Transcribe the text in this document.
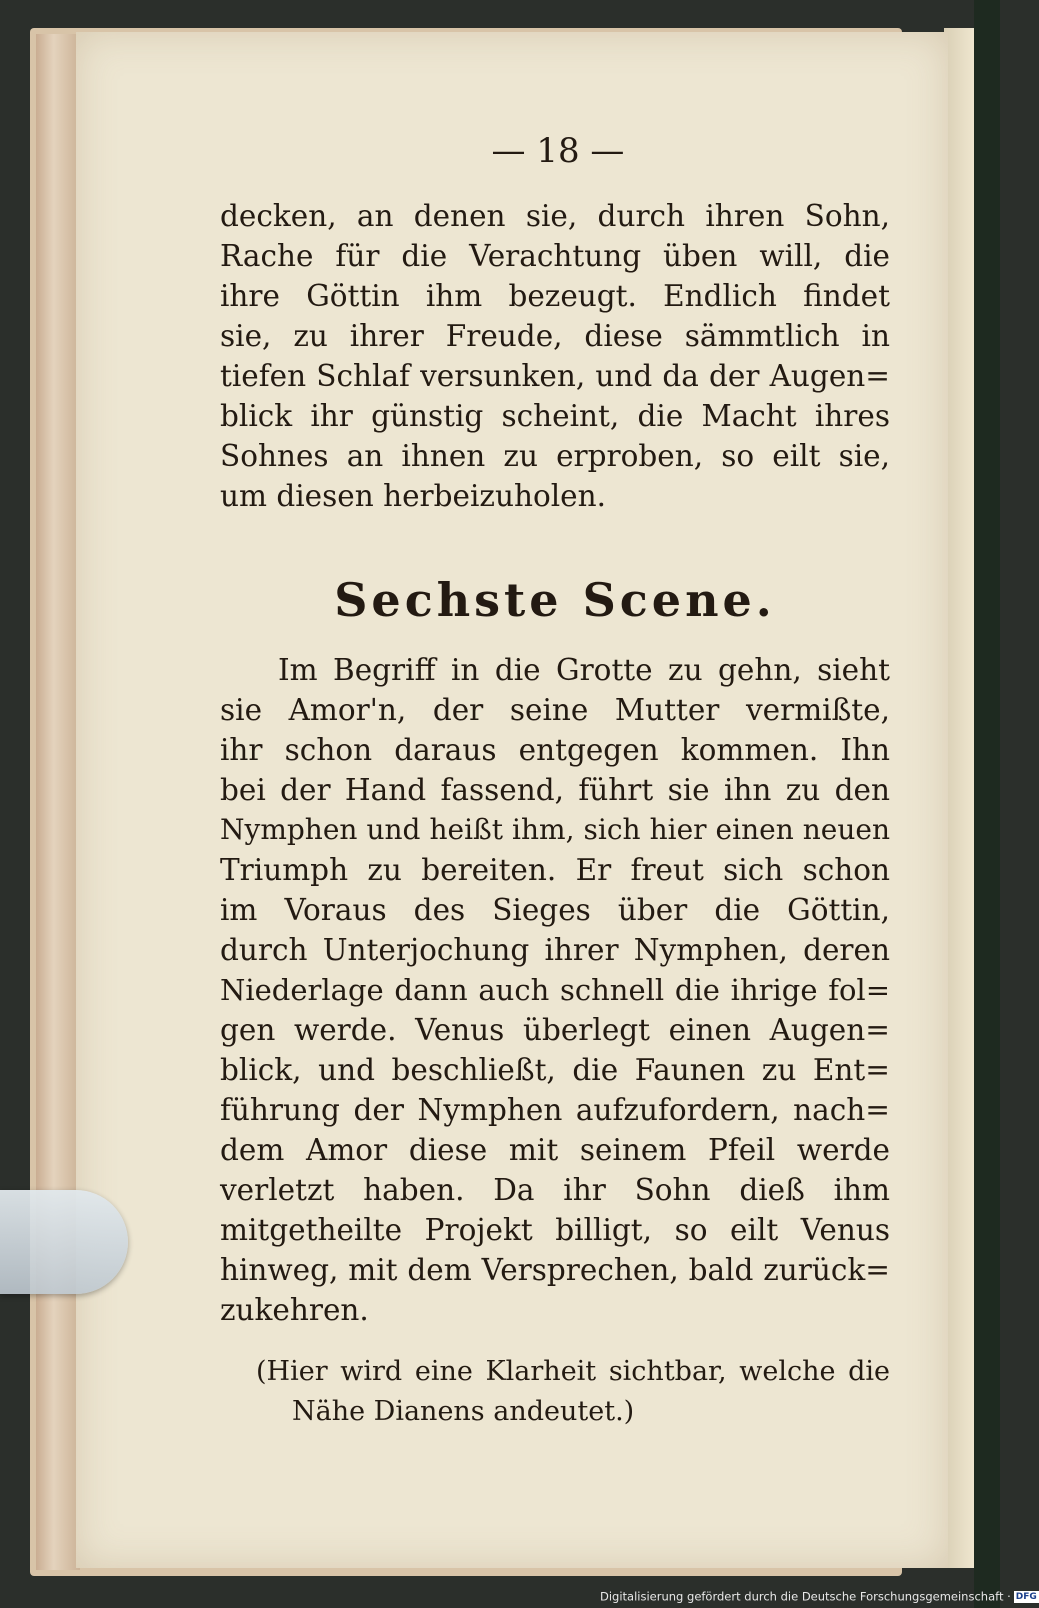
— 18 —
decken, an denen sie, durch ihren Sohn,
Rache für die Verachtung üben will, die
ihre Göttin ihm bezeugt. Endlich findet
sie, zu ihrer Freude, diese sämmtlich in
tiefen Schlaf versunken, und da der Augen=
blick ihr günstig scheint, die Macht ihres
Sohnes an ihnen zu erproben, so eilt sie,
um diesen herbeizuholen.
Sechste Scene.
Im Begriff in die Grotte zu gehn, sieht
sie Amor'n, der seine Mutter vermißte,
ihr schon daraus entgegen kommen. Ihn
bei der Hand fassend, führt sie ihn zu den
Nymphen und heißt ihm, sich hier einen neuen
Triumph zu bereiten. Er freut sich schon
im Voraus des Sieges über die Göttin,
durch Unterjochung ihrer Nymphen, deren
Niederlage dann auch schnell die ihrige fol=
gen werde. Venus überlegt einen Augen=
blick, und beschließt, die Faunen zu Ent=
führung der Nymphen aufzufordern, nach=
dem Amor diese mit seinem Pfeil werde
verletzt haben. Da ihr Sohn dieß ihm
mitgetheilte Projekt billigt, so eilt Venus
hinweg, mit dem Versprechen, bald zurück=
zukehren.
(Hier wird eine Klarheit sichtbar, welche die
Nähe Dianens andeutet.)
Digitalisierung gefördert durch die Deutsche Forschungsgemeinschaft · DFG
